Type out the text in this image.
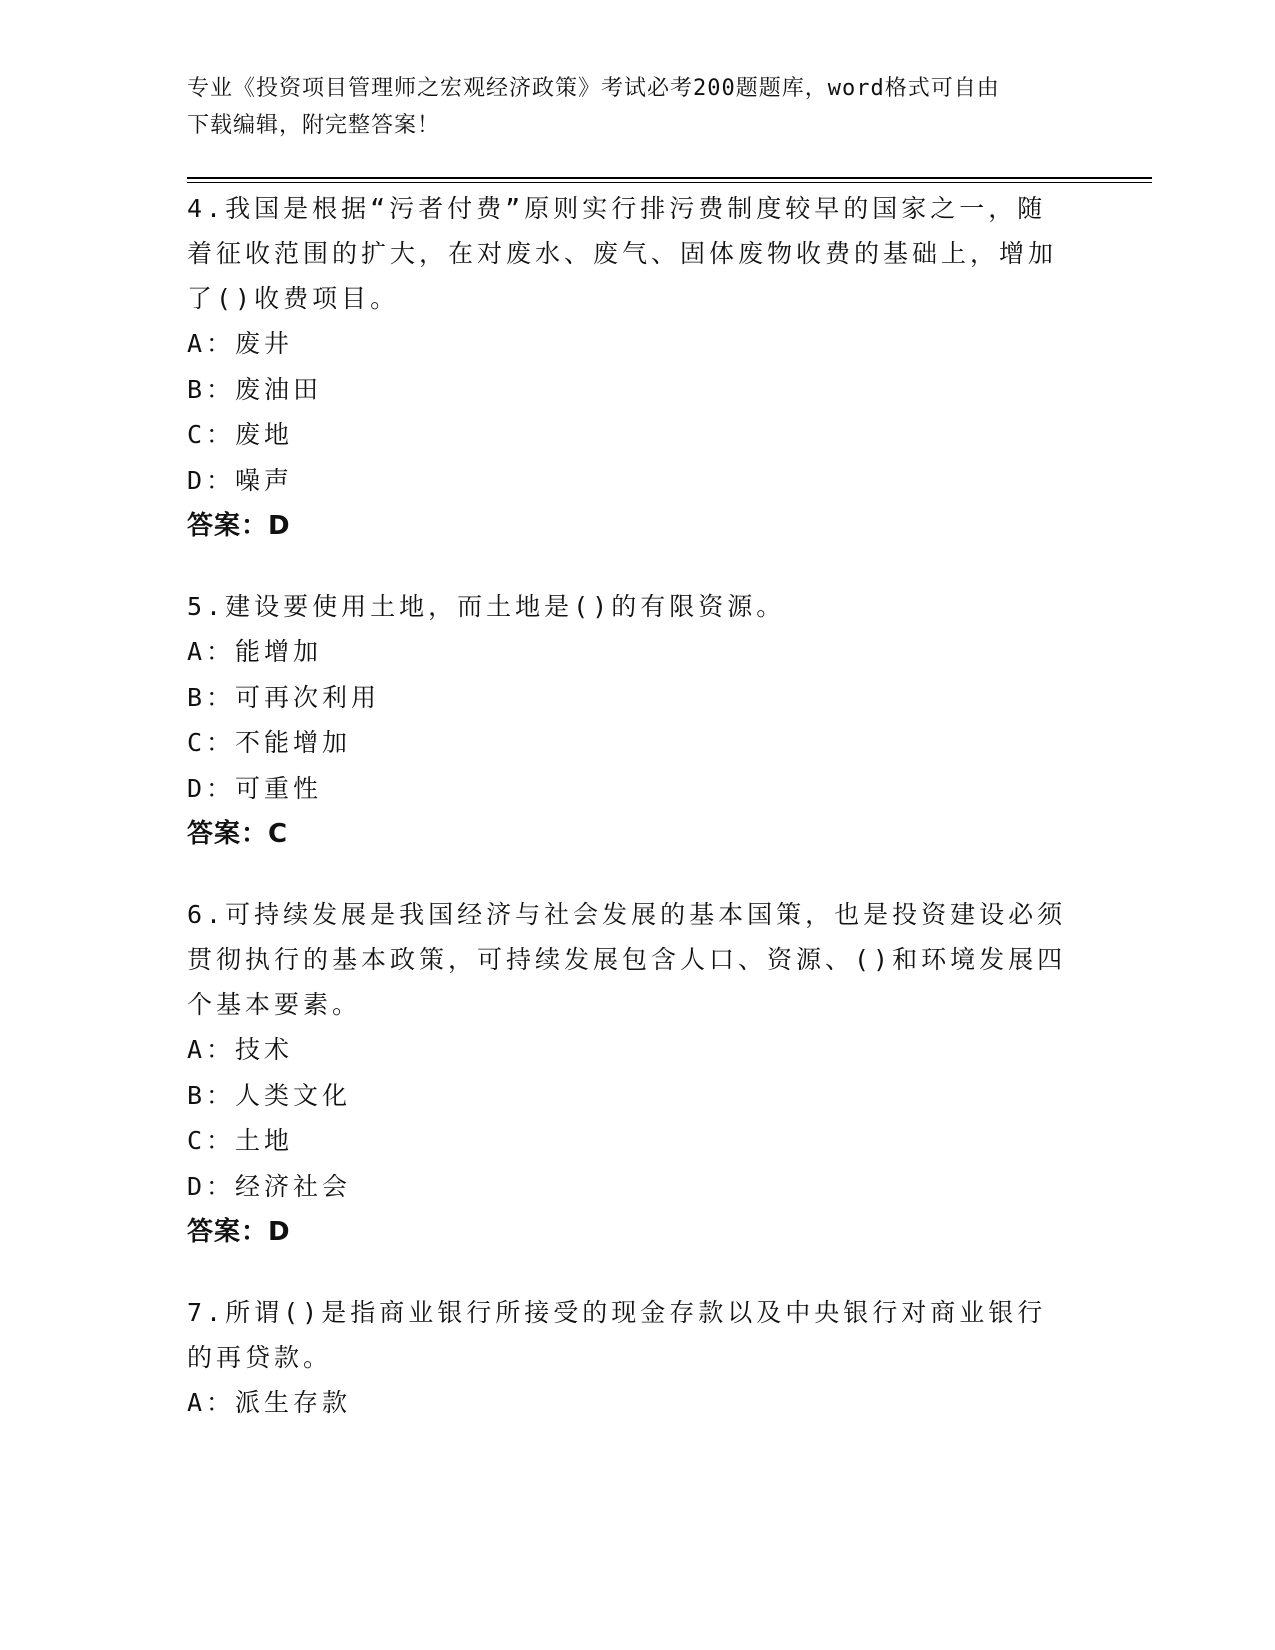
专业《投资项目管理师之宏观经济政策》考试必考200题题库，word格式可自由
下载编辑，附完整答案！

4.我国是根据“污者付费”原则实行排污费制度较早的国家之一，随着征收范围的扩大，在对废水、废气、固体废物收费的基础上，增加了()收费项目。

A：废井

B：废油田

C：废地

D：噪声

答案：D

5.建设要使用土地，而土地是()的有限资源。

A：能增加

B：可再次利用

C：不能增加

D：可重性

答案：C

6.可持续发展是我国经济与社会发展的基本国策，也是投资建设必须贯彻执行的基本政策，可持续发展包含人口、资源、()和环境发展四个基本要素。

A：技术

B：人类文化

C：土地

D：经济社会

答案：D

7.所谓()是指商业银行所接受的现金存款以及中央银行对商业银行的再贷款。

A：派生存款
